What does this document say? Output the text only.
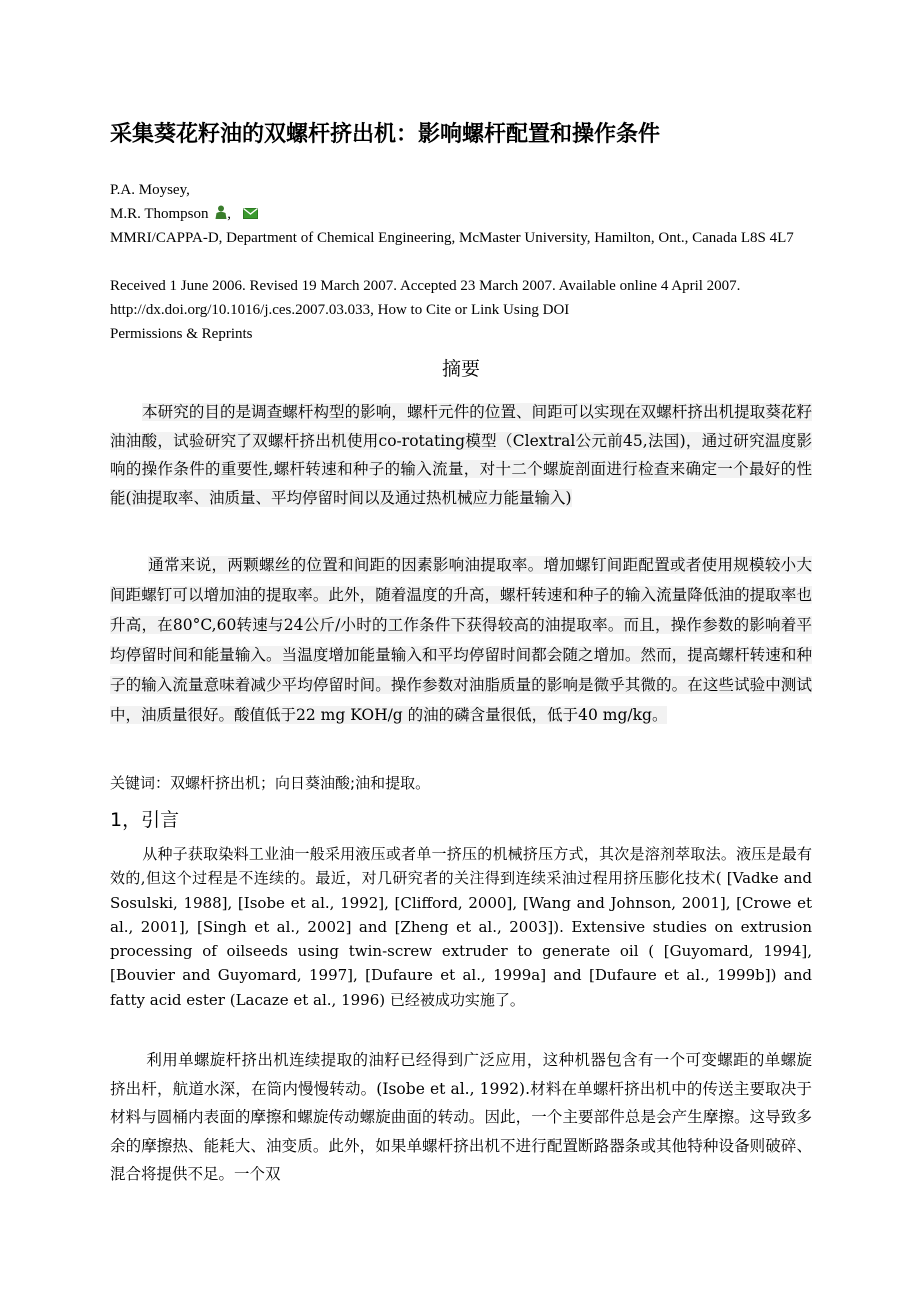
采集葵花籽油的双螺杆挤出机：影响螺杆配置和操作条件
P.A. Moysey,
M.R. Thompson ,
MMRI/CAPPA-D, Department of Chemical Engineering, McMaster University, Hamilton, Ont., Canada L8S 4L7
Received 1 June 2006. Revised 19 March 2007. Accepted 23 March 2007. Available online 4 April 2007.
http://dx.doi.org/10.1016/j.ces.2007.03.033, How to Cite or Link Using DOI
Permissions & Reprints
摘要
本研究的目的是调查螺杆构型的影响，螺杆元件的位置、间距可以实现在双螺杆挤出机提取葵花籽油油酸，试验研究了双螺杆挤出机使用co-rotating模型（Clextral公元前45,法国)，通过研究温度影响的操作条件的重要性,螺杆转速和种子的输入流量，对十二个螺旋剖面进行检查来确定一个最好的性能(油提取率、油质量、平均停留时间以及通过热机械应力能量输入)
通常来说，两颗螺丝的位置和间距的因素影响油提取率。增加螺钉间距配置或者使用规模较小大间距螺钉可以增加油的提取率。此外，随着温度的升高，螺杆转速和种子的输入流量降低油的提取率也升高，在80°C,60转速与24公斤/小时的工作条件下获得较高的油提取率。而且，操作参数的影响着平均停留时间和能量输入。当温度增加能量输入和平均停留时间都会随之增加。然而，提高螺杆转速和种子的输入流量意味着减少平均停留时间。操作参数对油脂质量的影响是微乎其微的。在这些试验中测试中，油质量很好。酸值低于22 mg KOH/g 的油的磷含量很低，低于40 mg/kg。
关键词：双螺杆挤出机；向日葵油酸;油和提取。
1，引言
从种子获取染料工业油一般采用液压或者单一挤压的机械挤压方式，其次是溶剂萃取法。液压是最有效的,但这个过程是不连续的。最近，对几研究者的关注得到连续采油过程用挤压膨化技术( [Vadke and Sosulski, 1988], [Isobe et al., 1992], [Clifford, 2000], [Wang and Johnson, 2001], [Crowe et al., 2001], [Singh et al., 2002] and [Zheng et al., 2003]). Extensive studies on extrusion processing of oilseeds using twin-screw extruder to generate oil ( [Guyomard, 1994], [Bouvier and Guyomard, 1997], [Dufaure et al., 1999a] and [Dufaure et al., 1999b]) and fatty acid ester (Lacaze et al., 1996) 已经被成功实施了。
利用单螺旋杆挤出机连续提取的油籽已经得到广泛应用，这种机器包含有一个可变螺距的单螺旋挤出杆，航道水深，在筒内慢慢转动。(Isobe et al., 1992).材料在单螺杆挤出机中的传送主要取决于材料与圆桶内表面的摩擦和螺旋传动螺旋曲面的转动。因此，一个主要部件总是会产生摩擦。这导致多余的摩擦热、能耗大、油变质。此外，如果单螺杆挤出机不进行配置断路器条或其他特种设备则破碎、混合将提供不足。一个双
